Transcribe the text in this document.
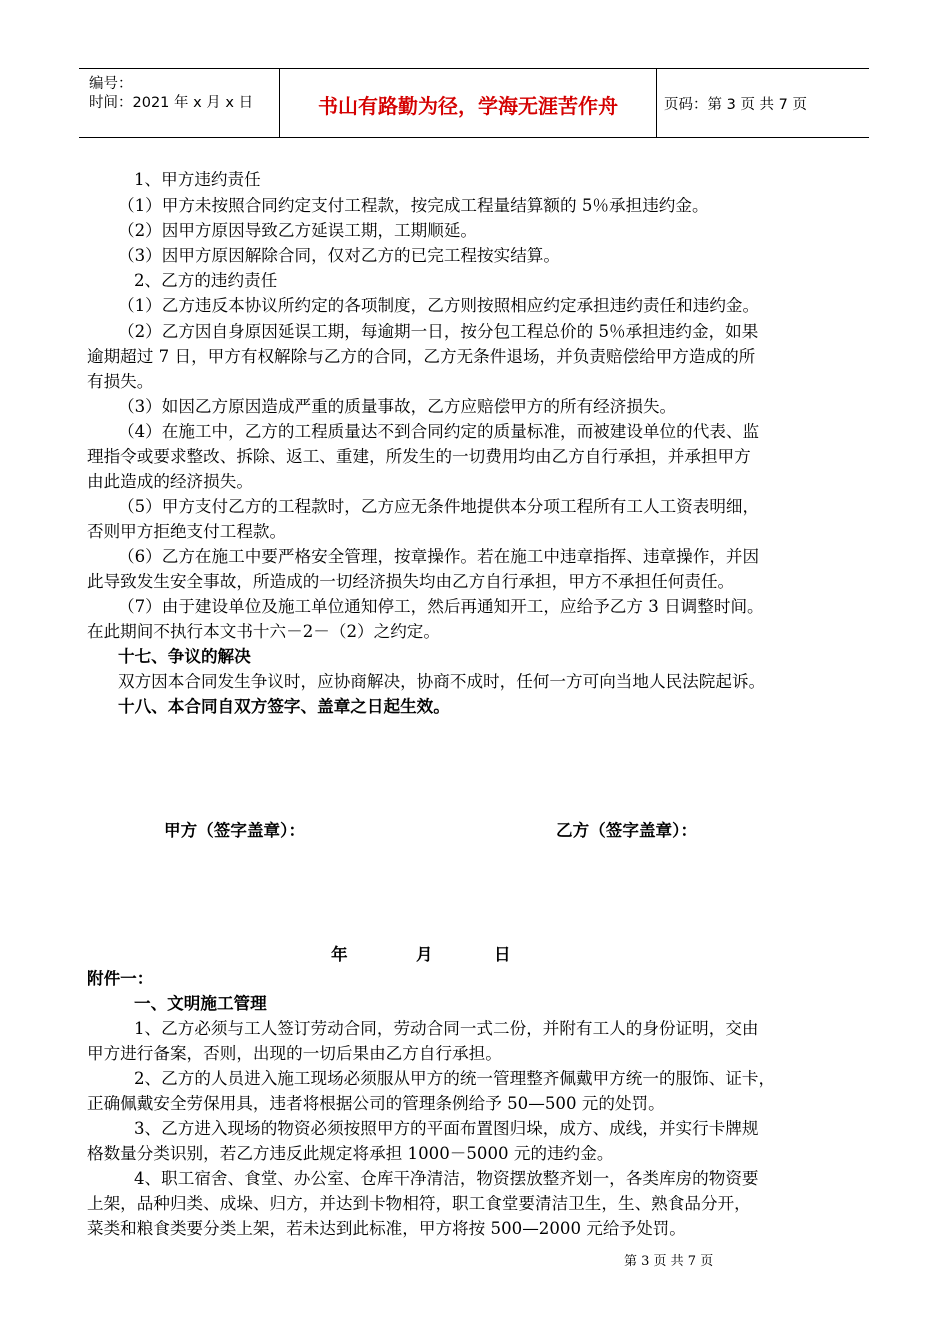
编号：
时间：2021 年 x 月 x 日	书山有路勤为径，学海无涯苦作舟	页码：第 3 页 共 7 页
1、甲方违约责任
（1）甲方未按照合同约定支付工程款，按完成工程量结算额的 5％承担违约金。
（2）因甲方原因导致乙方延误工期，工期顺延。
（3）因甲方原因解除合同，仅对乙方的已完工程按实结算。
2、乙方的违约责任
（1）乙方违反本协议所约定的各项制度，乙方则按照相应约定承担违约责任和违约金。
（2）乙方因自身原因延误工期，每逾期一日，按分包工程总价的 5％承担违约金，如果
逾期超过 7 日，甲方有权解除与乙方的合同，乙方无条件退场，并负责赔偿给甲方造成的所
有损失。
（3）如因乙方原因造成严重的质量事故，乙方应赔偿甲方的所有经济损失。
（4）在施工中，乙方的工程质量达不到合同约定的质量标准，而被建设单位的代表、监
理指令或要求整改、拆除、返工、重建，所发生的一切费用均由乙方自行承担，并承担甲方
由此造成的经济损失。
（5）甲方支付乙方的工程款时，乙方应无条件地提供本分项工程所有工人工资表明细，
否则甲方拒绝支付工程款。
（6）乙方在施工中要严格安全管理，按章操作。若在施工中违章指挥、违章操作，并因
此导致发生安全事故，所造成的一切经济损失均由乙方自行承担，甲方不承担任何责任。
（7）由于建设单位及施工单位通知停工，然后再通知开工，应给予乙方 3 日调整时间。
在此期间不执行本文书十六－2－（2）之约定。
十七、争议的解决
双方因本合同发生争议时，应协商解决，协商不成时，任何一方可向当地人民法院起诉。
十八、本合同自双方签字、盖章之日起生效。
甲方（签字盖章）：	乙方（签字盖章）：
年	月	日
附件一：
一、文明施工管理
1、乙方必须与工人签订劳动合同，劳动合同一式二份，并附有工人的身份证明，交由
甲方进行备案，否则，出现的一切后果由乙方自行承担。
2、乙方的人员进入施工现场必须服从甲方的统一管理整齐佩戴甲方统一的服饰、证卡，
正确佩戴安全劳保用具，违者将根据公司的管理条例给予 50—500 元的处罚。
3、乙方进入现场的物资必须按照甲方的平面布置图归垛，成方、成线，并实行卡牌规
格数量分类识别，若乙方违反此规定将承担 1000－5000 元的违约金。
4、职工宿舍、食堂、办公室、仓库干净清洁，物资摆放整齐划一，各类库房的物资要
上架，品种归类、成垛、归方，并达到卡物相符，职工食堂要清洁卫生，生、熟食品分开，
菜类和粮食类要分类上架，若未达到此标准，甲方将按 500—2000 元给予处罚。
第 3 页 共 7 页
